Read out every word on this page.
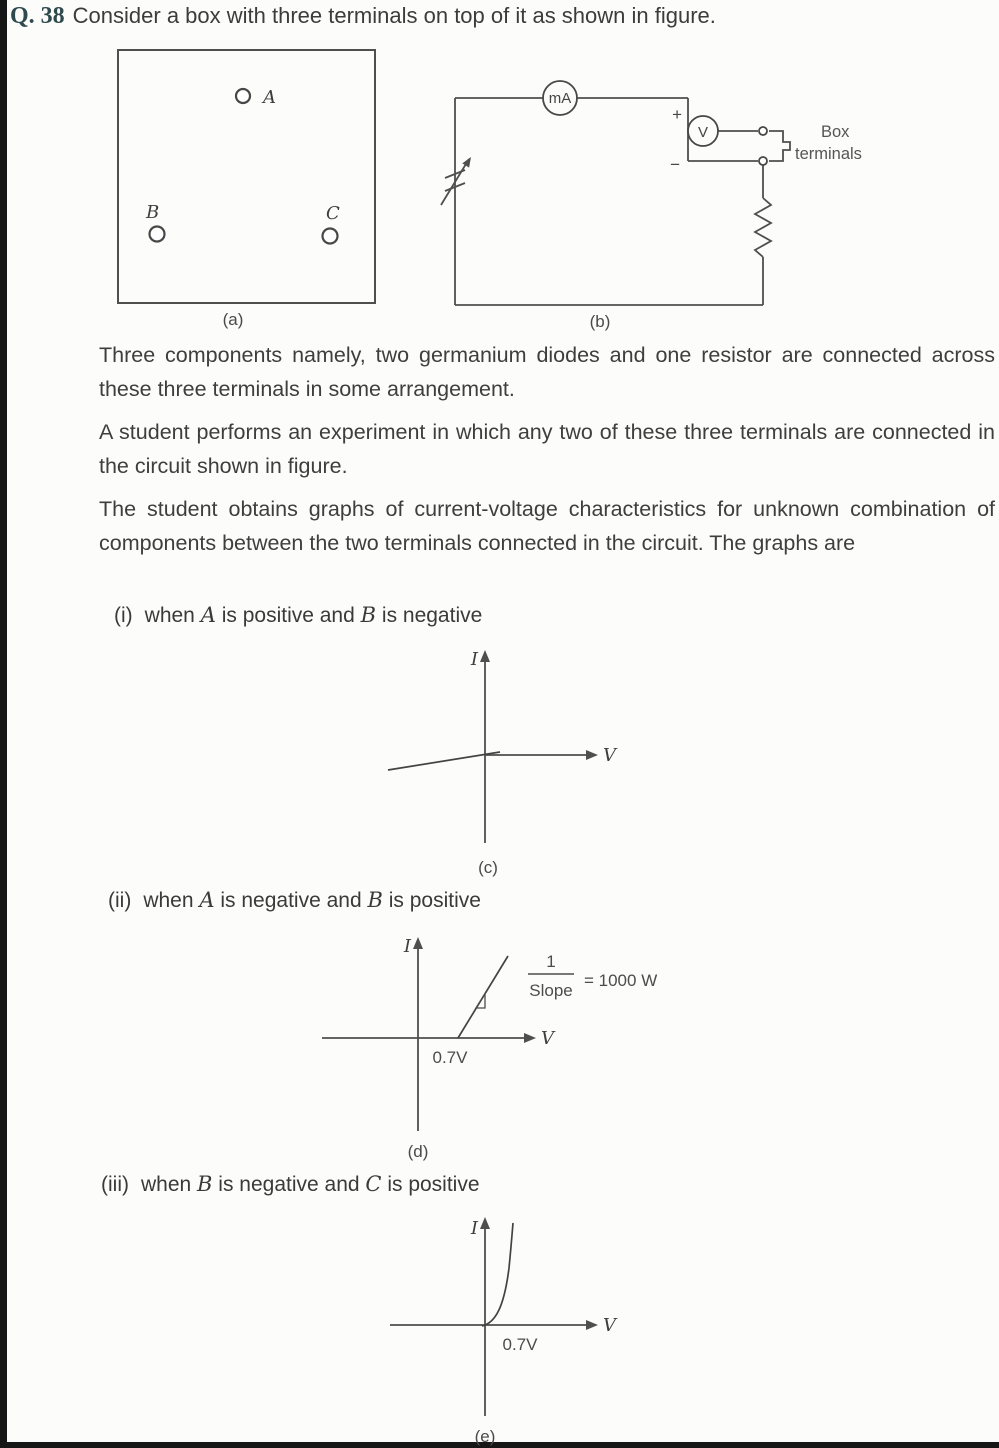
Q. 38 Consider a box with three terminals on top of it as shown in figure.
A
B	C
(a)
mA
V
+
−
Box
terminals
(b)

Three components namely, two germanium diodes and one resistor are connected across these three terminals in some arrangement.

A student performs an experiment in which any two of these three terminals are connected in the circuit shown in figure.

The student obtains graphs of current-voltage characteristics for unknown combination of components between the two terminals connected in the circuit. The graphs are

(i) when A is positive and B is negative
I
V
(c)
(ii) when A is negative and B is positive
I
V
0.7V
1
Slope
= 1000 W
(d)
(iii) when B is negative and C is positive
I
V
0.7V
(e)
